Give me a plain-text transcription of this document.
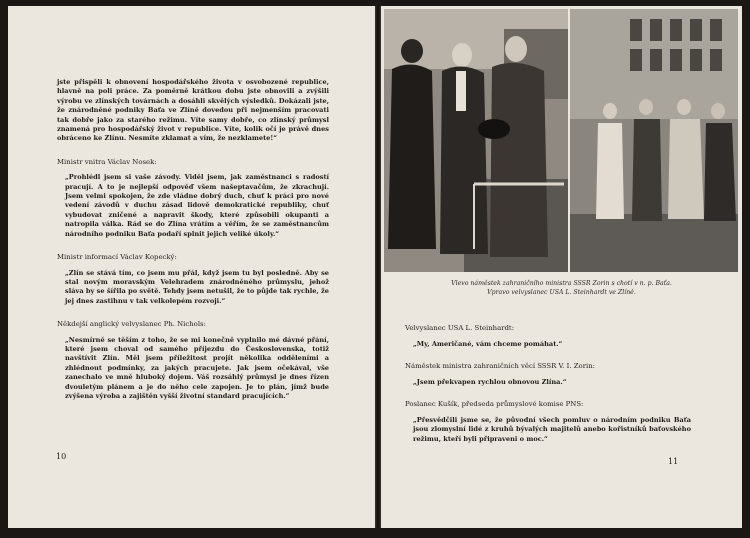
jste přispěli k obnovení hospodářského života v osvobozené republice, hlavně na poli práce. Za poměrně krátkou dobu jste obnovili a zvýšili výrobu ve zlínských továrnách a dosáhli skvělých výsledků. Dokázali jste, že znárodněné podniky Baťa ve Zlíně dovedou při nejmenším pracovati tak dobře jako za starého režimu. Víte samy dobře, co zlínský průmysl znamená pro hospodářský život v republice. Víte, kolik očí je právě dnes obráceno ke Zlínu. Nesmíte zklamat a vím, že nezklamete!“

Ministr vnitra Václav Nosek:

„Prohlédl jsem si vaše závody. Viděl jsem, jak zaměstnanci s radostí pracují. A to je nejlepší odpověď všem našeptavačům, že zkrachují. Jsem velmi spokojen, že zde vládne dobrý duch, chuť k práci pro nové vedení závodů v duchu zásad lidově demokratické republiky, chuť vybudovat zničené a napravit škody, které způsobili okupanti a natropila válka. Rád se do Zlína vrátím a věřím, že se zaměstnancům národního podniku Baťa podaří splnit jejich veliké úkoly.“

Ministr informací Václav Kopecký:

„Zlín se stává tím, co jsem mu přál, když jsem tu byl posledně. Aby se stal novým moravským Velehradem znárodněného průmyslu, jehož sláva by se šířila po světě. Tehdy jsem netušil, že to půjde tak rychle, že jej dnes zastihnu v tak velkolepém rozvoji.“

Někdejší anglický velvyslanec Ph. Nichols:

„Nesmírně se těším z toho, že se mi konečně vyplnilo mé dávné přání, které jsem choval od samého příjezdu do Československa, totiž navštívit Zlín. Měl jsem příležitost projít několika odděleními a zhlédnout podmínky, za jakých pracujete. Jak jsem očekával, vše zanechalo ve mně hluboký dojem. Váš rozsáhlý průmysl je dnes řízen dvouletým plánem a je do něho cele zapojen. Je to plán, jímž bude zvýšena výroba a zajištěn vyšší životní standard pracujících.“

10
Vlevo náměstek zahraničního ministra SSSR Zorin s chotí v n. p. Baťa.
Vpravo velvyslanec USA L. Steinhardt ve Zlíně.

Velvyslanec USA L. Steinhardt:

„My, Američané, vám chceme pomáhat.“

Náměstek ministra zahraničních věcí SSSR V. I. Zorin:

„Jsem překvapen rychlou obnovou Zlína.“

Poslanec Kušík, předseda průmyslové komise PNS:

„Přesvědčili jsme se, že původní všech pomluv o národním podniku Baťa jsou zlomyslní lidé z kruhů bývalých majitelů anebo kořistníků baťovského režimu, kteří byli připraveni o moc.“

11
